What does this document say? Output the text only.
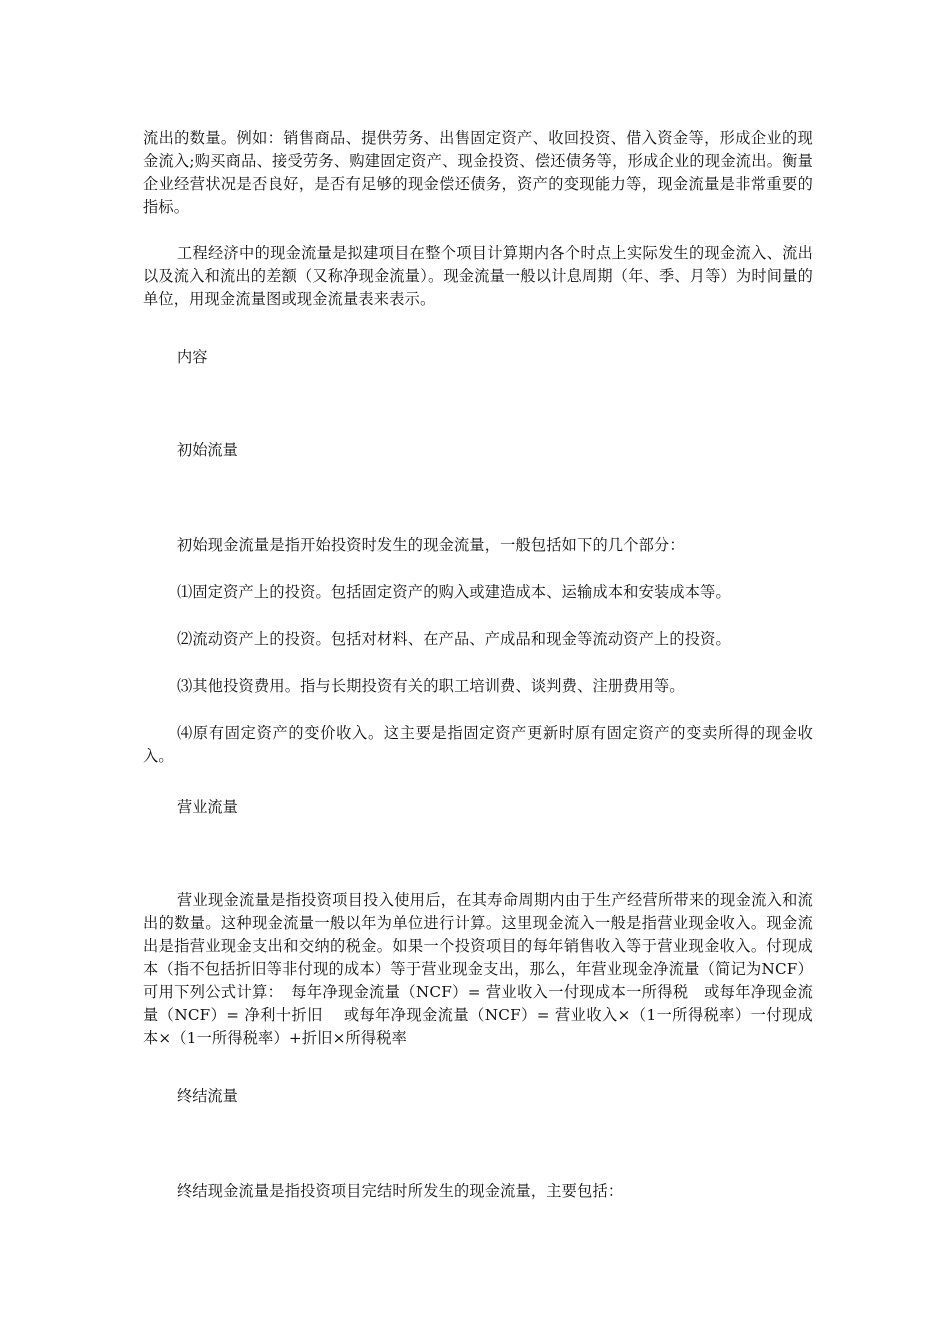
流出的数量。例如：销售商品、提供劳务、出售固定资产、收回投资、借入资金等，形成企业的现金流入;购买商品、接受劳务、购建固定资产、现金投资、偿还债务等，形成企业的现金流出。衡量企业经营状况是否良好，是否有足够的现金偿还债务，资产的变现能力等，现金流量是非常重要的指标。

工程经济中的现金流量是拟建项目在整个项目计算期内各个时点上实际发生的现金流入、流出以及流入和流出的差额（又称净现金流量）。现金流量一般以计息周期（年、季、月等）为时间量的单位，用现金流量图或现金流量表来表示。

内容

初始流量

初始现金流量是指开始投资时发生的现金流量，一般包括如下的几个部分：

⑴固定资产上的投资。包括固定资产的购入或建造成本、运输成本和安装成本等。

⑵流动资产上的投资。包括对材料、在产品、产成品和现金等流动资产上的投资。

⑶其他投资费用。指与长期投资有关的职工培训费、谈判费、注册费用等。

⑷原有固定资产的变价收入。这主要是指固定资产更新时原有固定资产的变卖所得的现金收入。

营业流量

营业现金流量是指投资项目投入使用后，在其寿命周期内由于生产经营所带来的现金流入和流出的数量。这种现金流量一般以年为单位进行计算。这里现金流入一般是指营业现金收入。现金流出是指营业现金支出和交纳的税金。如果一个投资项目的每年销售收入等于营业现金收入。付现成本（指不包括折旧等非付现的成本）等于营业现金支出，那么，年营业现金净流量（简记为NCF）可用下列公式计算：　每年净现金流量（NCF）= 营业收入一付现成本一所得税　或每年净现金流量（NCF）= 净利十折旧　 或每年净现金流量（NCF）= 营业收入×（1一所得税率）一付现成本×（1一所得税率）+折旧×所得税率

终结流量

终结现金流量是指投资项目完结时所发生的现金流量，主要包括：
